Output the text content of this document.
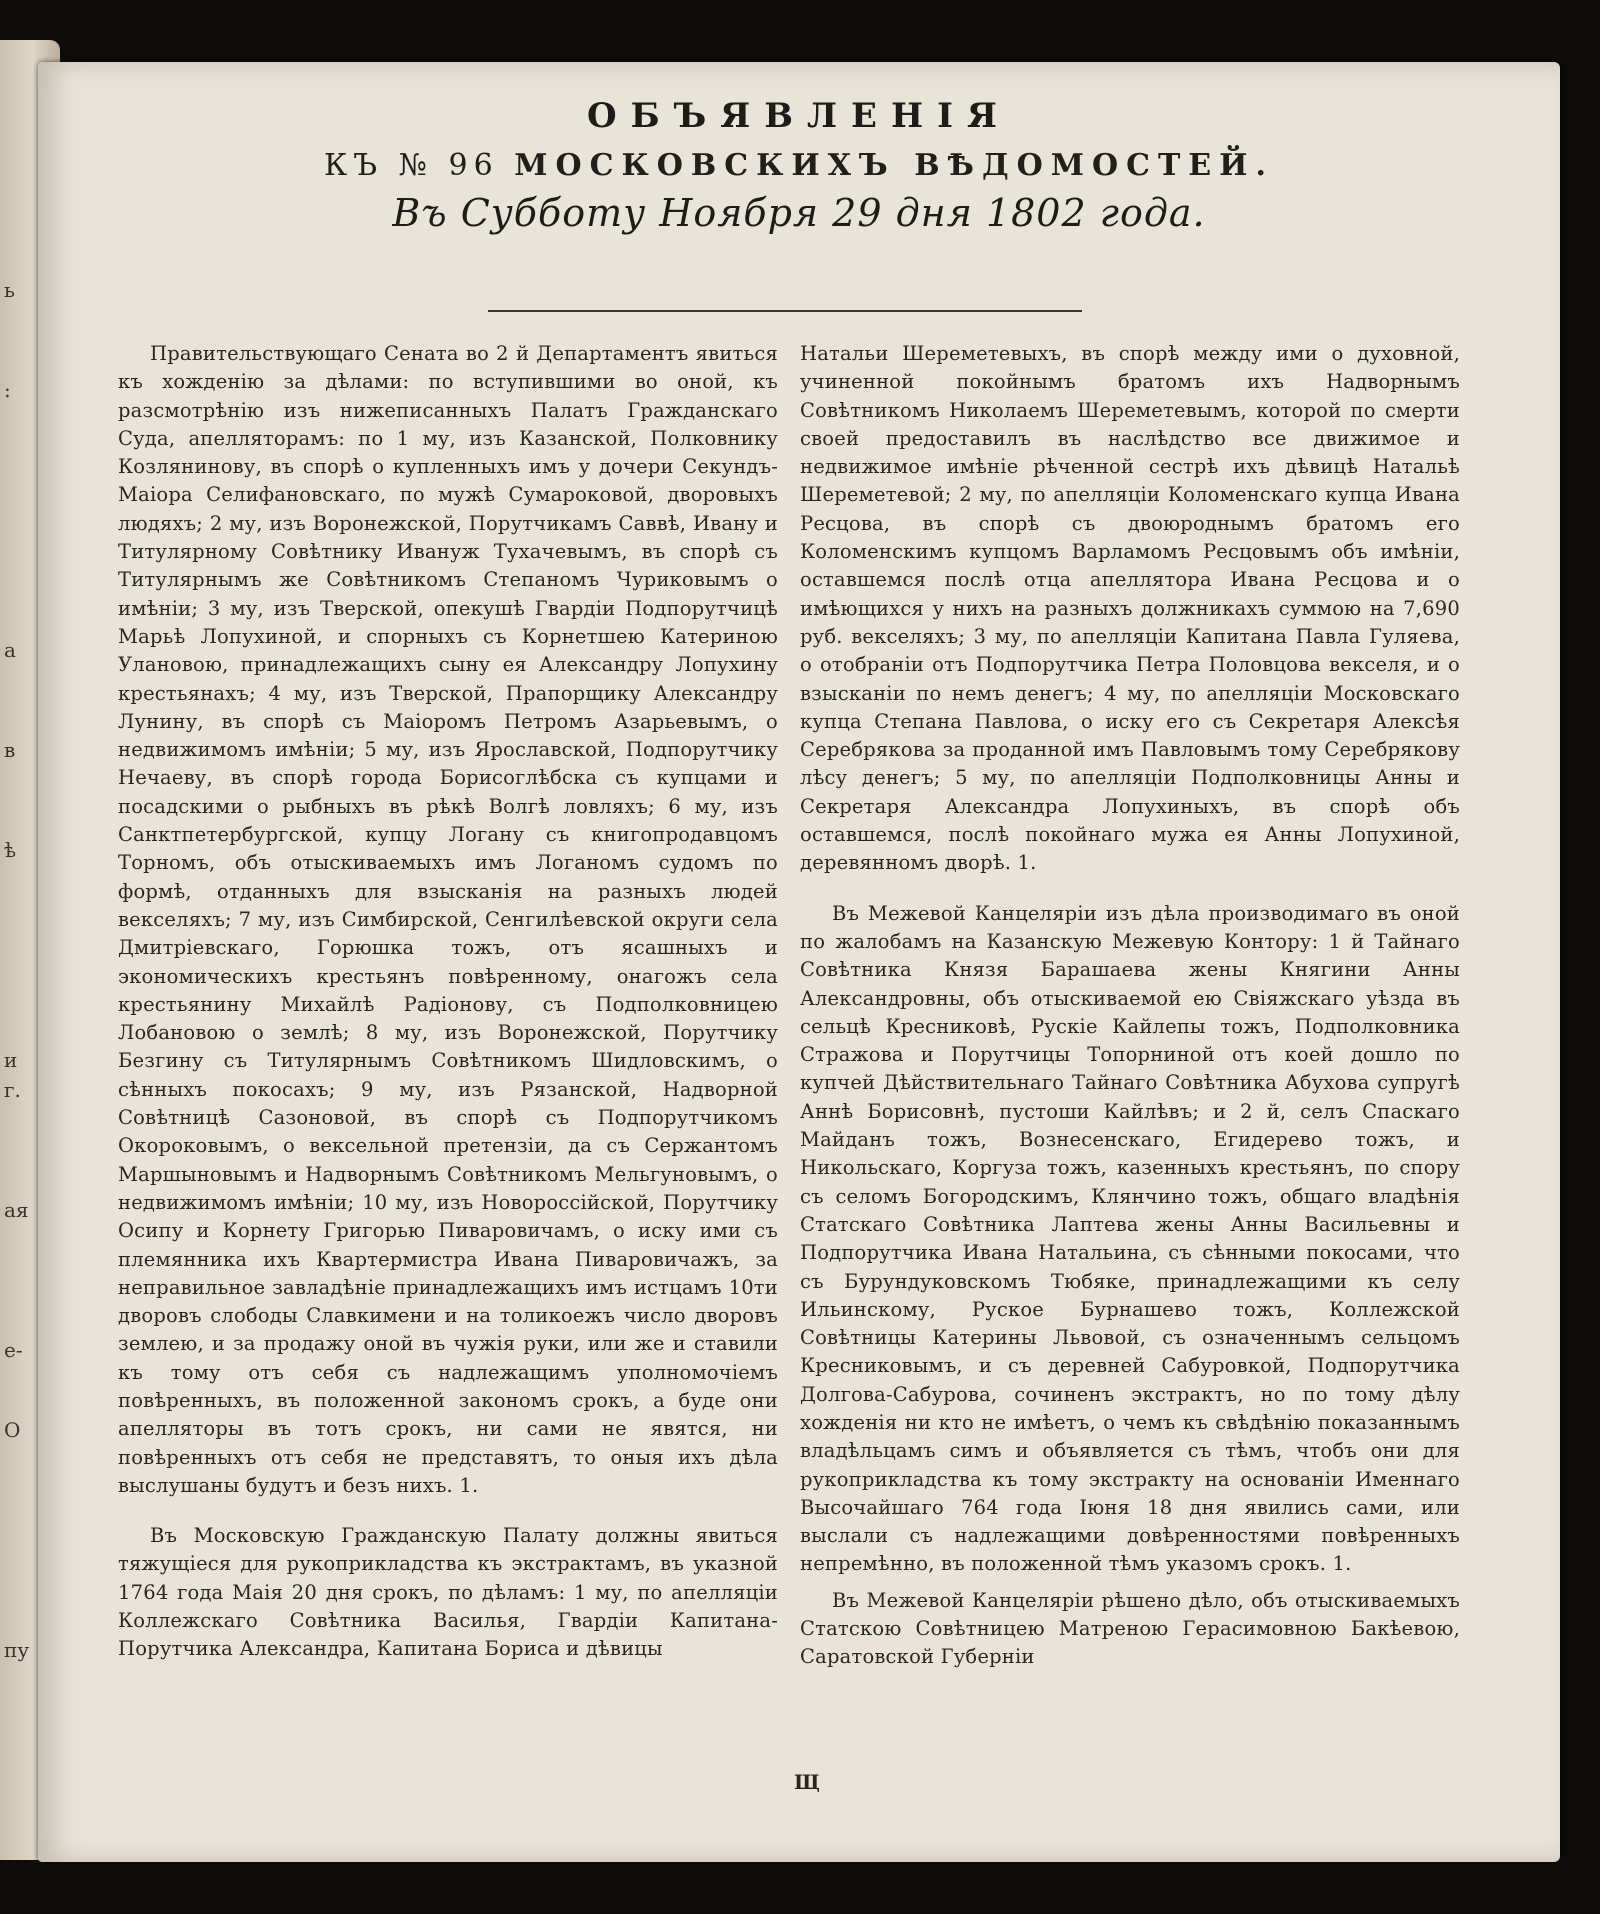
ь
:
а
в
ѣ
и
г.
ая
е-
О
пу
ОБЪЯВЛЕНІЯ
КЪ № 96 МОСКОВСКИХЪ ВѢДОМОСТЕЙ.
Въ Субботу Ноября 29 дня 1802 года.

Правительствующаго Сената во 2 й Департаментъ явиться къ хожденію за дѣлами: по вступившими во оной, къ разсмотрѣнію изъ нижеписанныхъ Палатъ Гражданскаго Суда, апелляторамъ: по 1 му, изъ Казанской, Полковнику Козлянинову, въ спорѣ о купленныхъ имъ у дочери Секундъ-Маіора Селифановскаго, по мужѣ Сумароковой, дворовыхъ людяхъ; 2 му, изъ Воронежской, Порутчикамъ Саввѣ, Ивану и Титулярному Совѣтнику Ивануж Тухачевымъ, въ спорѣ съ Титулярнымъ же Совѣтникомъ Степаномъ Чуриковымъ о имѣніи; 3 му, изъ Тверской, опекушѣ Гвардіи Подпорутчицѣ Марьѣ Лопухиной, и спорныхъ съ Корнетшею Катериною Улановою, принадлежащихъ сыну ея Александру Лопухину крестьянахъ; 4 му, изъ Тверской, Прапорщику Александру Лунину, въ спорѣ съ Маіоромъ Петромъ Азарьевымъ, о недвижимомъ имѣніи; 5 му, изъ Ярославской, Подпорутчику Нечаеву, въ спорѣ города Борисоглѣбска съ купцами и посадскими о рыбныхъ въ рѣкѣ Волгѣ ловляхъ; 6 му, изъ Санктпетербургской, купцу Логану съ книгопродавцомъ Торномъ, объ отыскиваемыхъ имъ Логаномъ судомъ по формѣ, отданныхъ для взысканія на разныхъ людей векселяхъ; 7 му, изъ Симбирской, Сенгилѣевской округи села Дмитріевскаго, Горюшка тожъ, отъ ясашныхъ и экономическихъ крестьянъ повѣренному, онагожъ села крестьянину Михайлѣ Радіонову, съ Подполковницею Лобановою о землѣ; 8 му, изъ Воронежской, Порутчику Безгину съ Титулярнымъ Совѣтникомъ Шидловскимъ, о сѣнныхъ покосахъ; 9 му, изъ Рязанской, Надворной Совѣтницѣ Сазоновой, въ спорѣ съ Подпорутчикомъ Окороковымъ, о вексельной претензіи, да съ Сержантомъ Маршыновымъ и Надворнымъ Совѣтникомъ Мельгуновымъ, о недвижимомъ имѣніи; 10 му, изъ Новороссійской, Порутчику Осипу и Корнету Григорью Пиваровичамъ, о иску ими съ племянника ихъ Квартермистра Ивана Пиваровичажъ, за неправильное завладѣніе принадлежащихъ имъ истцамъ 10ти дворовъ слободы Славкимени и на толикоежъ число дворовъ землею, и за продажу оной въ чужія руки, или же и ставили къ тому отъ себя съ надлежащимъ уполномочіемъ повѣренныхъ, въ положенной закономъ срокъ, а буде они апелляторы въ тотъ срокъ, ни сами не явятся, ни повѣренныхъ отъ себя не представятъ, то оныя ихъ дѣла выслушаны будутъ и безъ нихъ. 1.

Въ Московскую Гражданскую Палату должны явиться тяжущіеся для рукоприкладства къ экстрактамъ, въ указной 1764 года Маія 20 дня срокъ, по дѣламъ: 1 му, по апелляціи Коллежскаго Совѣтника Василья, Гвардіи Капитана-Порутчика Александра, Капитана Бориса и дѣвицы

Натальи Шереметевыхъ, въ спорѣ между ими о духовной, учиненной покойнымъ братомъ ихъ Надворнымъ Совѣтникомъ Николаемъ Шереметевымъ, которой по смерти своей предоставилъ въ наслѣдство все движимое и недвижимое имѣніе рѣченной сестрѣ ихъ дѣвицѣ Натальѣ Шереметевой; 2 му, по апелляціи Коломенскаго купца Ивана Ресцова, въ спорѣ съ двоюроднымъ братомъ его Коломенскимъ купцомъ Варламомъ Ресцовымъ объ имѣніи, оставшемся послѣ отца апеллятора Ивана Ресцова и о имѣющихся у нихъ на разныхъ должникахъ суммою на 7,690 руб. векселяхъ; 3 му, по апелляціи Капитана Павла Гуляева, о отобраніи отъ Подпорутчика Петра Половцова векселя, и о взысканіи по немъ денегъ; 4 му, по апелляціи Московскаго купца Степана Павлова, о иску его съ Секретаря Алексѣя Серебрякова за проданной имъ Павловымъ тому Серебрякову лѣсу денегъ; 5 му, по апелляціи Подполковницы Анны и Секретаря Александра Лопухиныхъ, въ спорѣ объ оставшемся, послѣ покойнаго мужа ея Анны Лопухиной, деревянномъ дворѣ. 1.

Въ Межевой Канцеляріи изъ дѣла производимаго въ оной по жалобамъ на Казанскую Межевую Контору: 1 й Тайнаго Совѣтника Князя Барашаева жены Княгини Анны Александровны, объ отыскиваемой ею Свіяжскаго уѣзда въ сельцѣ Кресниковѣ, Рускіе Кайлепы тожъ, Подполковника Стражова и Порутчицы Топорниной отъ коей дошло по купчей Дѣйствительнаго Тайнаго Совѣтника Абухова супругѣ Аннѣ Борисовнѣ, пустоши Кайлѣвъ; и 2 й, селъ Спаскаго Майданъ тожъ, Вознесенскаго, Егидерево тожъ, и Никольскаго, Коргуза тожъ, казенныхъ крестьянъ, по спору съ селомъ Богородскимъ, Клянчино тожъ, общаго владѣнія Статскаго Совѣтника Лаптева жены Анны Васильевны и Подпорутчика Ивана Натальина, съ сѣнными покосами, что съ Бурундуковскомъ Тюбяке, принадлежащими къ селу Ильинскому, Руское Бурнашево тожъ, Коллежской Совѣтницы Катерины Львовой, съ означеннымъ сельцомъ Кресниковымъ, и съ деревней Сабуровкой, Подпорутчика Долгова-Сабурова, сочиненъ экстрактъ, но по тому дѣлу хожденія ни кто не имѣетъ, о чемъ къ свѣдѣнію показаннымъ владѣльцамъ симъ и объявляется съ тѣмъ, чтобъ они для рукоприкладства къ тому экстракту на основаніи Именнаго Высочайшаго 764 года Іюня 18 дня явились сами, или выслали съ надлежащими довѣренностями повѣренныхъ непремѣнно, въ положенной тѣмъ указомъ срокъ. 1.

Въ Межевой Канцеляріи рѣшено дѣло, объ отыскиваемыхъ Статскою Совѣтницею Матреною Герасимовною Бакѣевою, Саратовской Губерніи

Щ
